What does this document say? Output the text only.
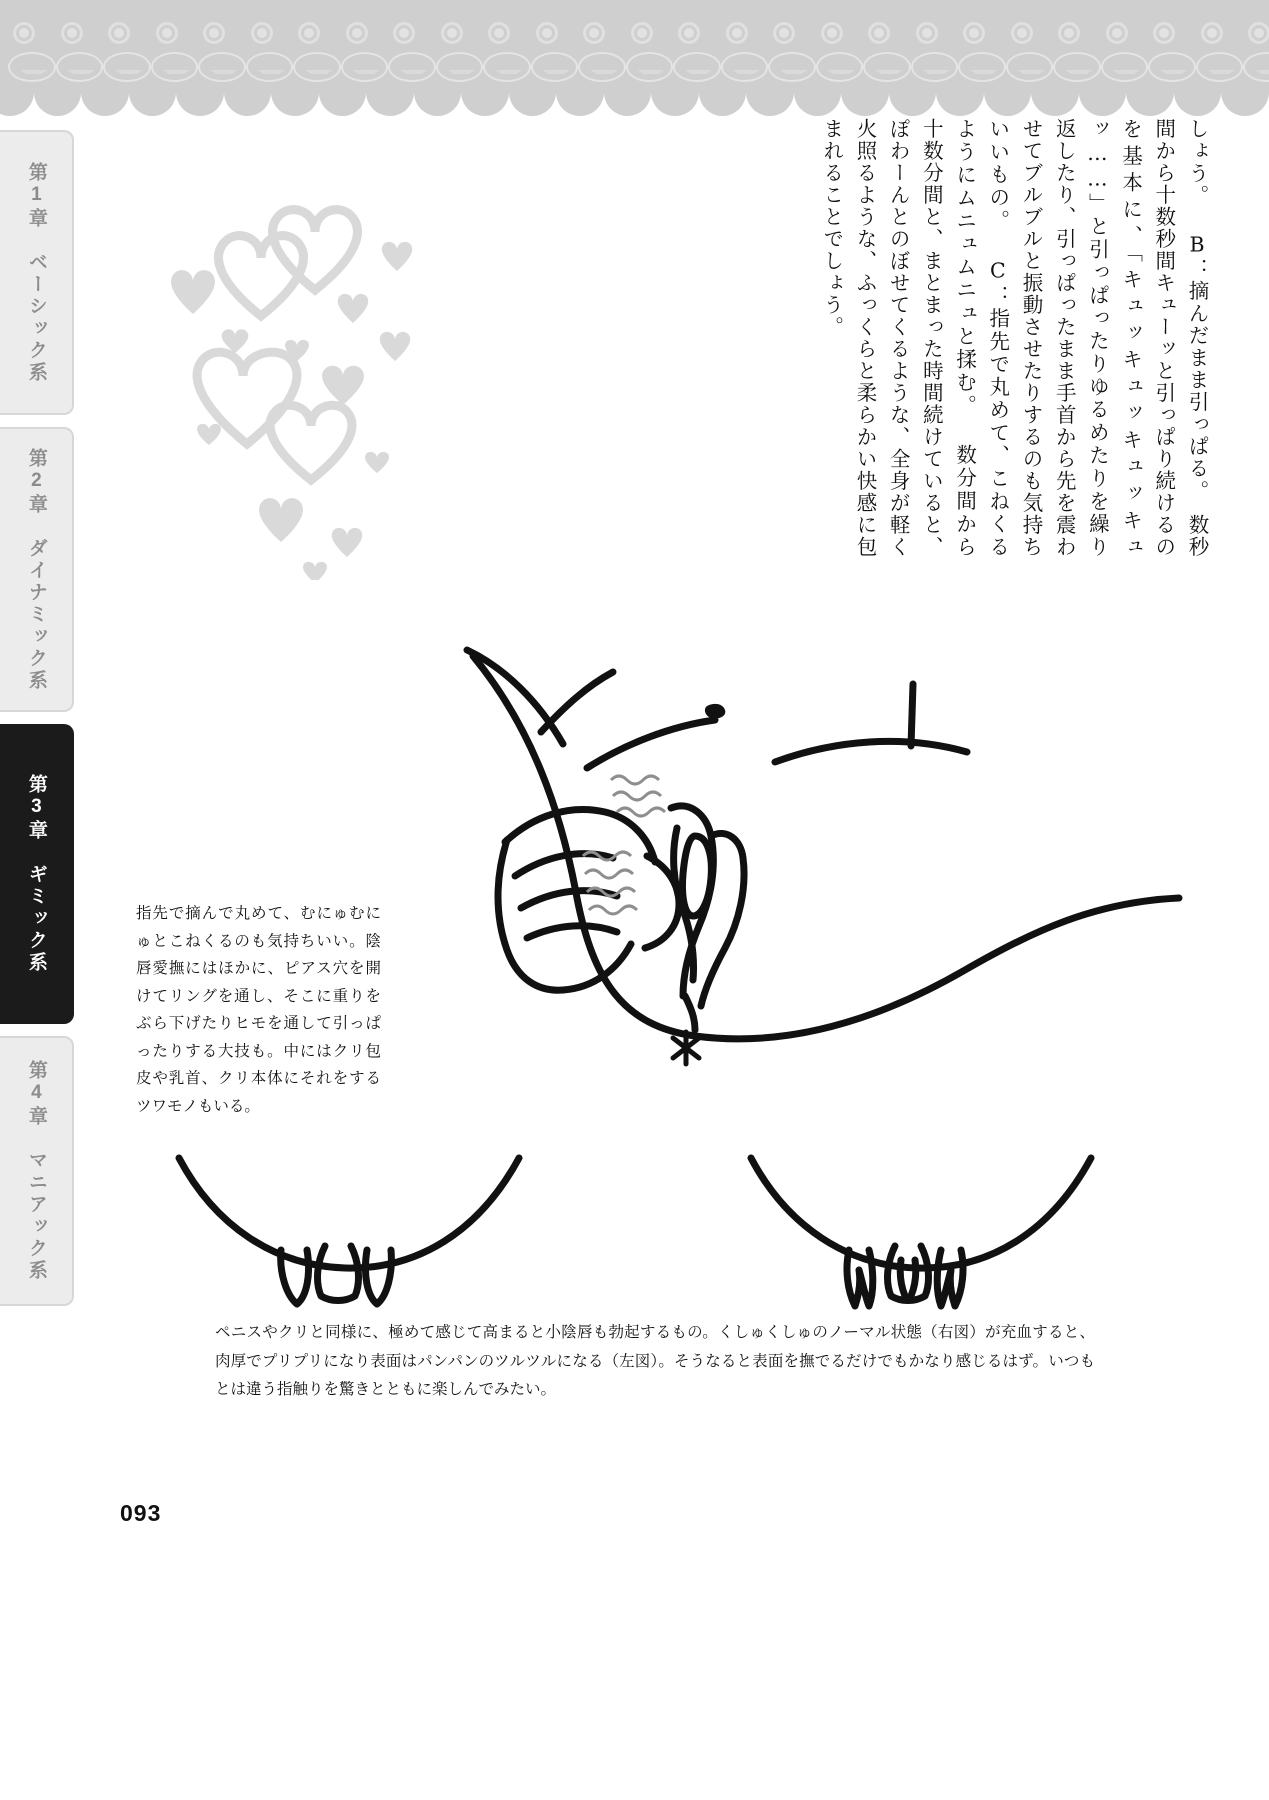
第1章　ベーシック系
第2章　ダイナミック系
第3章　ギミック系
第4章　マニアック系

しょう。 B：摘んだまま引っぱる。　数秒間から十数秒間キューッと引っぱり続けるのを基本に、「キュッキュッキュッキュッ……」と引っぱったりゆるめたりを繰り返したり、引っぱったまま手首から先を震わせてブルブルと振動させたりするのも気持ちいいもの。 C：指先で丸めて、こねくるようにムニュムニュと揉む。 数分間から十数分間と、まとまった時間続けていると、ぽわーんとのぼせてくるような、全身が軽く火照るような、ふっくらと柔らかい快感に包まれることでしょう。

指先で摘んで丸めて、むにゅむにゅとこねくるのも気持ちいい。陰唇愛撫にはほかに、ピアス穴を開けてリングを通し、そこに重りをぶら下げたりヒモを通して引っぱったりする大技も。中にはクリ包皮や乳首、クリ本体にそれをするツワモノもいる。
ペニスやクリと同様に、極めて感じて高まると小陰唇も勃起するもの。くしゅくしゅのノーマル状態（右図）が充血すると、肉厚でプリプリになり表面はパンパンのツルツルになる（左図）。そうなると表面を撫でるだけでもかなり感じるはず。いつもとは違う指触りを驚きとともに楽しんでみたい。
093
